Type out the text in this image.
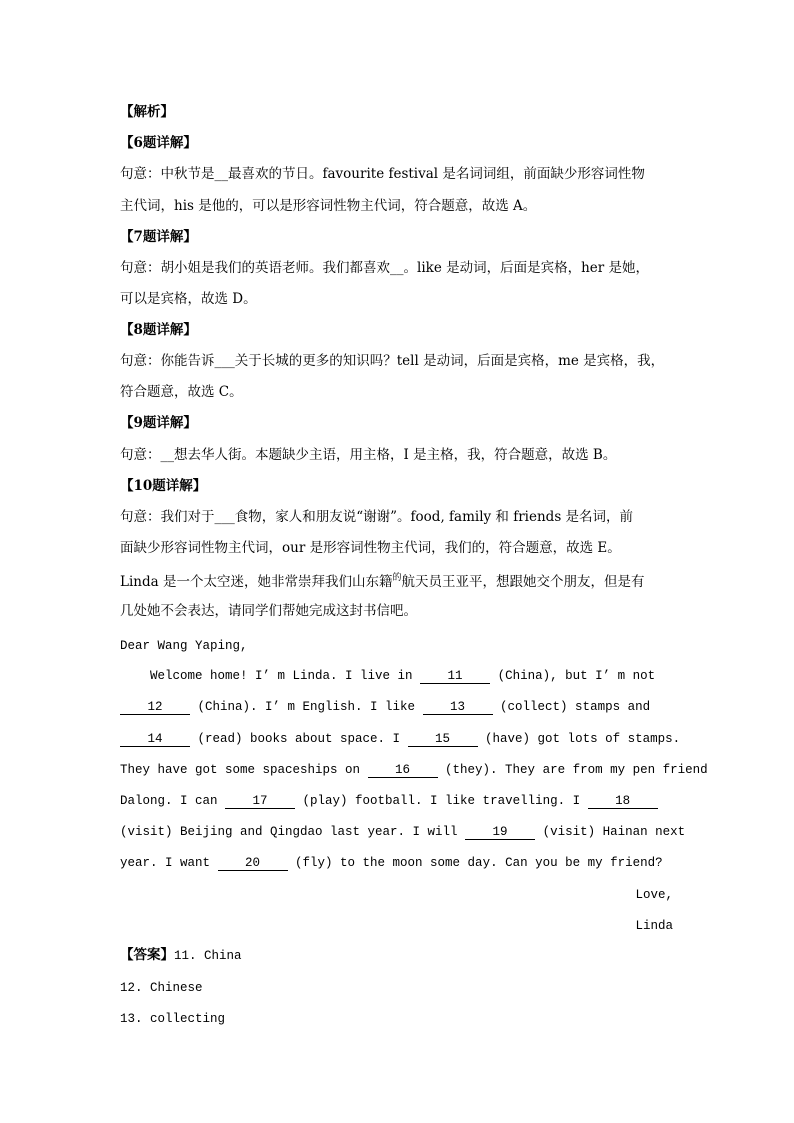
【解析】
【6题详解】
句意：中秋节是__最喜欢的节日。favourite festival 是名词词组，前面缺少形容词性物
主代词，his 是他的，可以是形容词性物主代词，符合题意，故选 A。
【7题详解】
句意：胡小姐是我们的英语老师。我们都喜欢__。like 是动词，后面是宾格，her 是她，
可以是宾格，故选 D。
【8题详解】
句意：你能告诉___关于长城的更多的知识吗？tell 是动词，后面是宾格，me 是宾格，我，
符合题意，故选 C。
【9题详解】
句意：__想去华人街。本题缺少主语，用主格，I 是主格，我，符合题意，故选 B。
【10题详解】
句意：我们对于___食物，家人和朋友说“谢谢”。food, family 和 friends 是名词，前
面缺少形容词性物主代词，our 是形容词性物主代词，我们的，符合题意，故选 E。
Linda 是一个太空迷，她非常崇拜我们山东籍$^的$航天员王亚平，想跟她交个朋友，但是有
几处她不会表达，请同学们帮她完成这封书信吧。
Dear Wang Yaping,
Welcome home! I’ m Linda. I live in 11 (China), but I’ m not
12 (China). I’ m English. I like 13 (collect) stamps and
14 (read) books about space. I 15 (have) got lots of stamps.
They have got some spaceships on 16 (they). They are from my pen friend
Dalong. I can 17 (play) football. I like travelling. I 18
(visit) Beijing and Qingdao last year. I will 19 (visit) Hainan next
year. I want 20 (fly) to the moon some day. Can you be my friend?
Love,
Linda
【答案】11. China
12. Chinese
13. collecting
